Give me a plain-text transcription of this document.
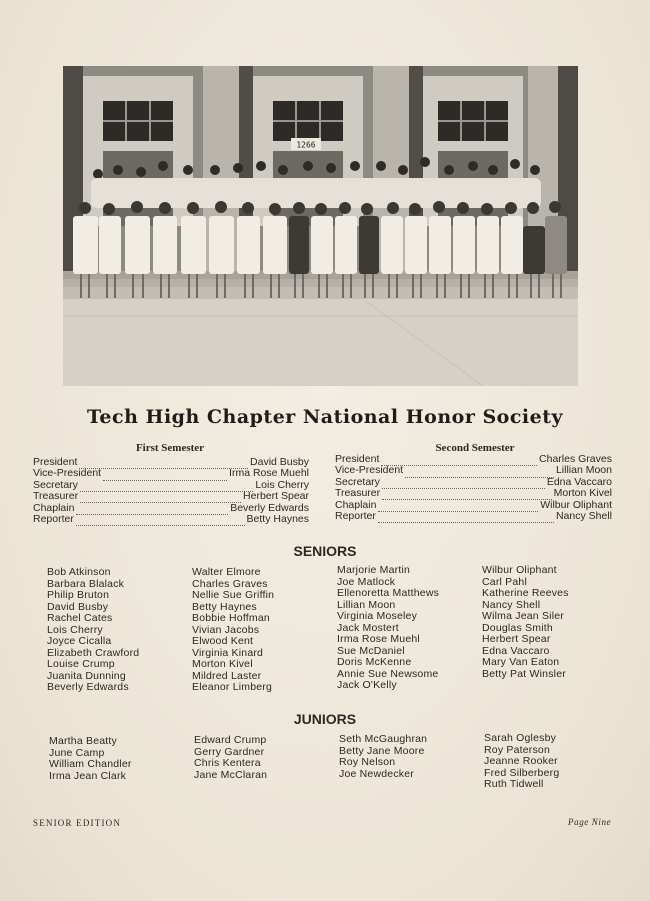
1266
Tech High Chapter National Honor Society
First Semester	Second Semester
President	David Busby
Vice-President	Irma Rose Muehl
Secretary	Lois Cherry
Treasurer	Herbert Spear
Chaplain	Beverly Edwards
Reporter	Betty Haynes
President	Charles Graves
Vice-President	Lillian Moon
Secretary	Edna Vaccaro
Treasurer	Morton Kivel
Chaplain	Wilbur Oliphant
Reporter	Nancy Shell
SENIORS
Bob Atkinson
Barbara Blalack
Philip Bruton
David Busby
Rachel Cates
Lois Cherry
Joyce Cicalla
Elizabeth Crawford
Louise Crump
Juanita Dunning
Beverly Edwards
Walter Elmore
Charles Graves
Nellie Sue Griffin
Betty Haynes
Bobbie Hoffman
Vivian Jacobs
Elwood Kent
Virginia Kinard
Morton Kivel
Mildred Laster
Eleanor Limberg
Marjorie Martin
Joe Matlock
Ellenoretta Matthews
Lillian Moon
Virginia Moseley
Jack Mostert
Irma Rose Muehl
Sue McDaniel
Doris McKenne
Annie Sue Newsome
Jack O'Kelly
Wilbur Oliphant
Carl Pahl
Katherine Reeves
Nancy Shell
Wilma Jean Siler
Douglas Smith
Herbert Spear
Edna Vaccaro
Mary Van Eaton
Betty Pat Winsler
JUNIORS
Martha Beatty
June Camp
William Chandler
Irma Jean Clark
Edward Crump
Gerry Gardner
Chris Kentera
Jane McClaran
Seth McGaughran
Betty Jane Moore
Roy Nelson
Joe Newdecker
Sarah Oglesby
Roy Paterson
Jeanne Rooker
Fred Silberberg
Ruth Tidwell
SENIOR EDITION	Page Nine
